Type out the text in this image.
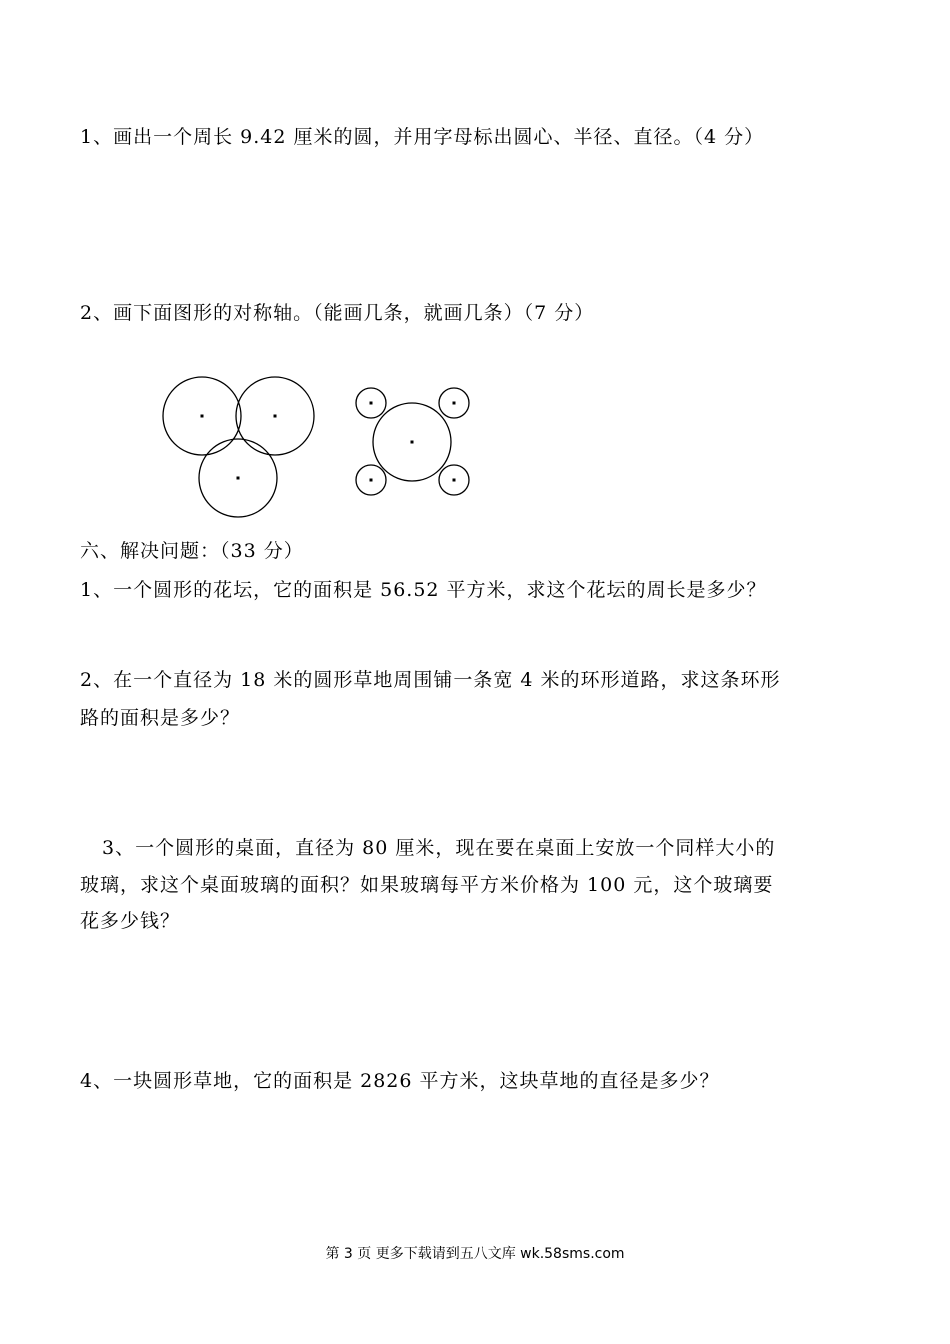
1、画出一个周长 9.42 厘米的圆，并用字母标出圆心、半径、直径。（4 分）
2、画下面图形的对称轴。（能画几条，就画几条）（7 分）
六、解决问题：（33 分）
1、一个圆形的花坛，它的面积是 56.52 平方米，求这个花坛的周长是多少？
2、在一个直径为 18 米的圆形草地周围铺一条宽 4 米的环形道路，求这条环形
路的面积是多少？
3、一个圆形的桌面，直径为 80 厘米，现在要在桌面上安放一个同样大小的
玻璃，求这个桌面玻璃的面积？如果玻璃每平方米价格为 100 元，这个玻璃要
花多少钱？
4、一块圆形草地，它的面积是 2826 平方米，这块草地的直径是多少？
第 3 页 更多下载请到五八文库 wk.58sms.com
